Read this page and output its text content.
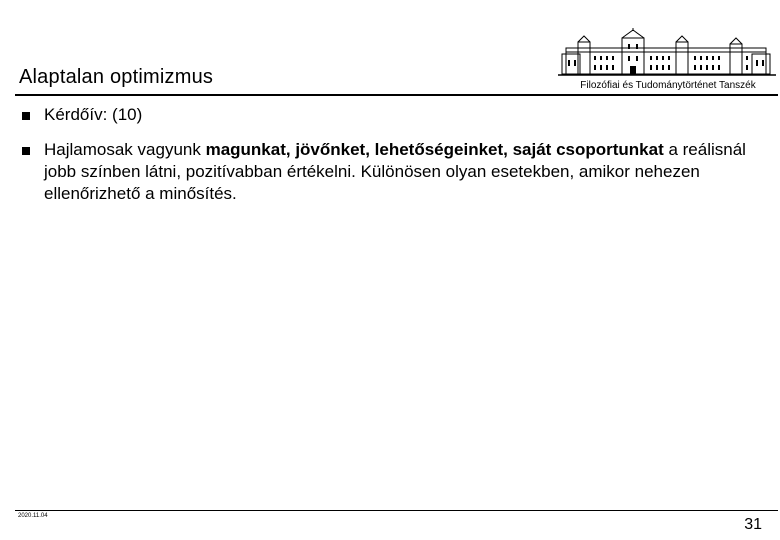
Alaptalan optimizmus	Filozófiai és Tudománytörténet Tanszék
Kérdőív: (10)
Hajlamosak vagyunk magunkat, jövőnket, lehetőségeinket, saját csoportunkat a reálisnál jobb színben látni, pozitívabban értékelni. Különösen olyan esetekben, amikor nehezen ellenőrizhető a minősítés.
2020.11.04	31
